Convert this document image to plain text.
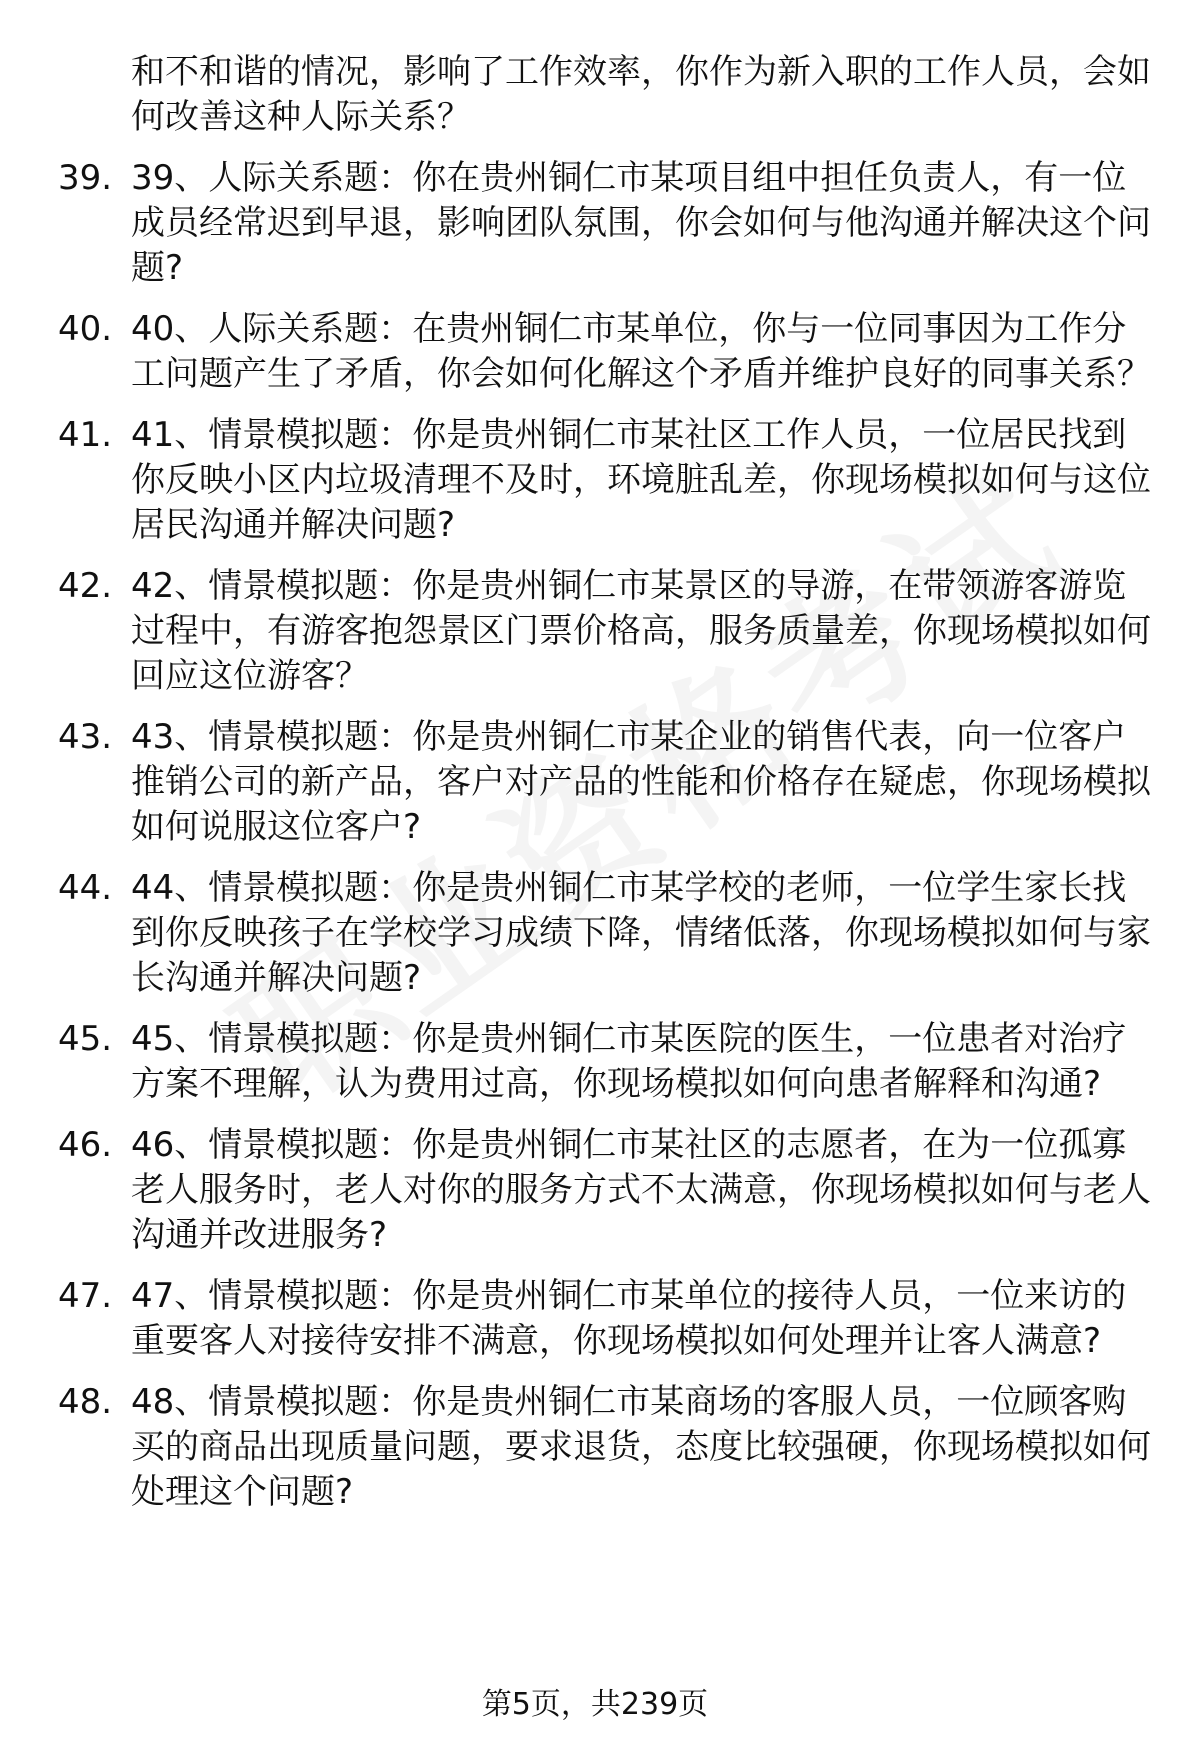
和不和谐的情况，影响了工作效率，你作为新入职的工作人员，会如何改善这种人际关系？
39. 39、人际关系题：你在贵州铜仁市某项目组中担任负责人，有一位成员经常迟到早退，影响团队氛围，你会如何与他沟通并解决这个问题?
40. 40、人际关系题：在贵州铜仁市某单位，你与一位同事因为工作分工问题产生了矛盾，你会如何化解这个矛盾并维护良好的同事关系？
41. 41、情景模拟题：你是贵州铜仁市某社区工作人员，一位居民找到你反映小区内垃圾清理不及时，环境脏乱差，你现场模拟如何与这位居民沟通并解决问题?
42. 42、情景模拟题：你是贵州铜仁市某景区的导游，在带领游客游览过程中，有游客抱怨景区门票价格高，服务质量差，你现场模拟如何回应这位游客？
43. 43、情景模拟题：你是贵州铜仁市某企业的销售代表，向一位客户推销公司的新产品，客户对产品的性能和价格存在疑虑，你现场模拟如何说服这位客户?
44. 44、情景模拟题：你是贵州铜仁市某学校的老师，一位学生家长找到你反映孩子在学校学习成绩下降，情绪低落，你现场模拟如何与家长沟通并解决问题?
45. 45、情景模拟题：你是贵州铜仁市某医院的医生，一位患者对治疗方案不理解，认为费用过高，你现场模拟如何向患者解释和沟通?
46. 46、情景模拟题：你是贵州铜仁市某社区的志愿者，在为一位孤寡老人服务时，老人对你的服务方式不太满意，你现场模拟如何与老人沟通并改进服务?
47. 47、情景模拟题：你是贵州铜仁市某单位的接待人员，一位来访的重要客人对接待安排不满意，你现场模拟如何处理并让客人满意?
48. 48、情景模拟题：你是贵州铜仁市某商场的客服人员，一位顾客购买的商品出现质量问题，要求退货，态度比较强硬，你现场模拟如何处理这个问题?
第5页，共239页
